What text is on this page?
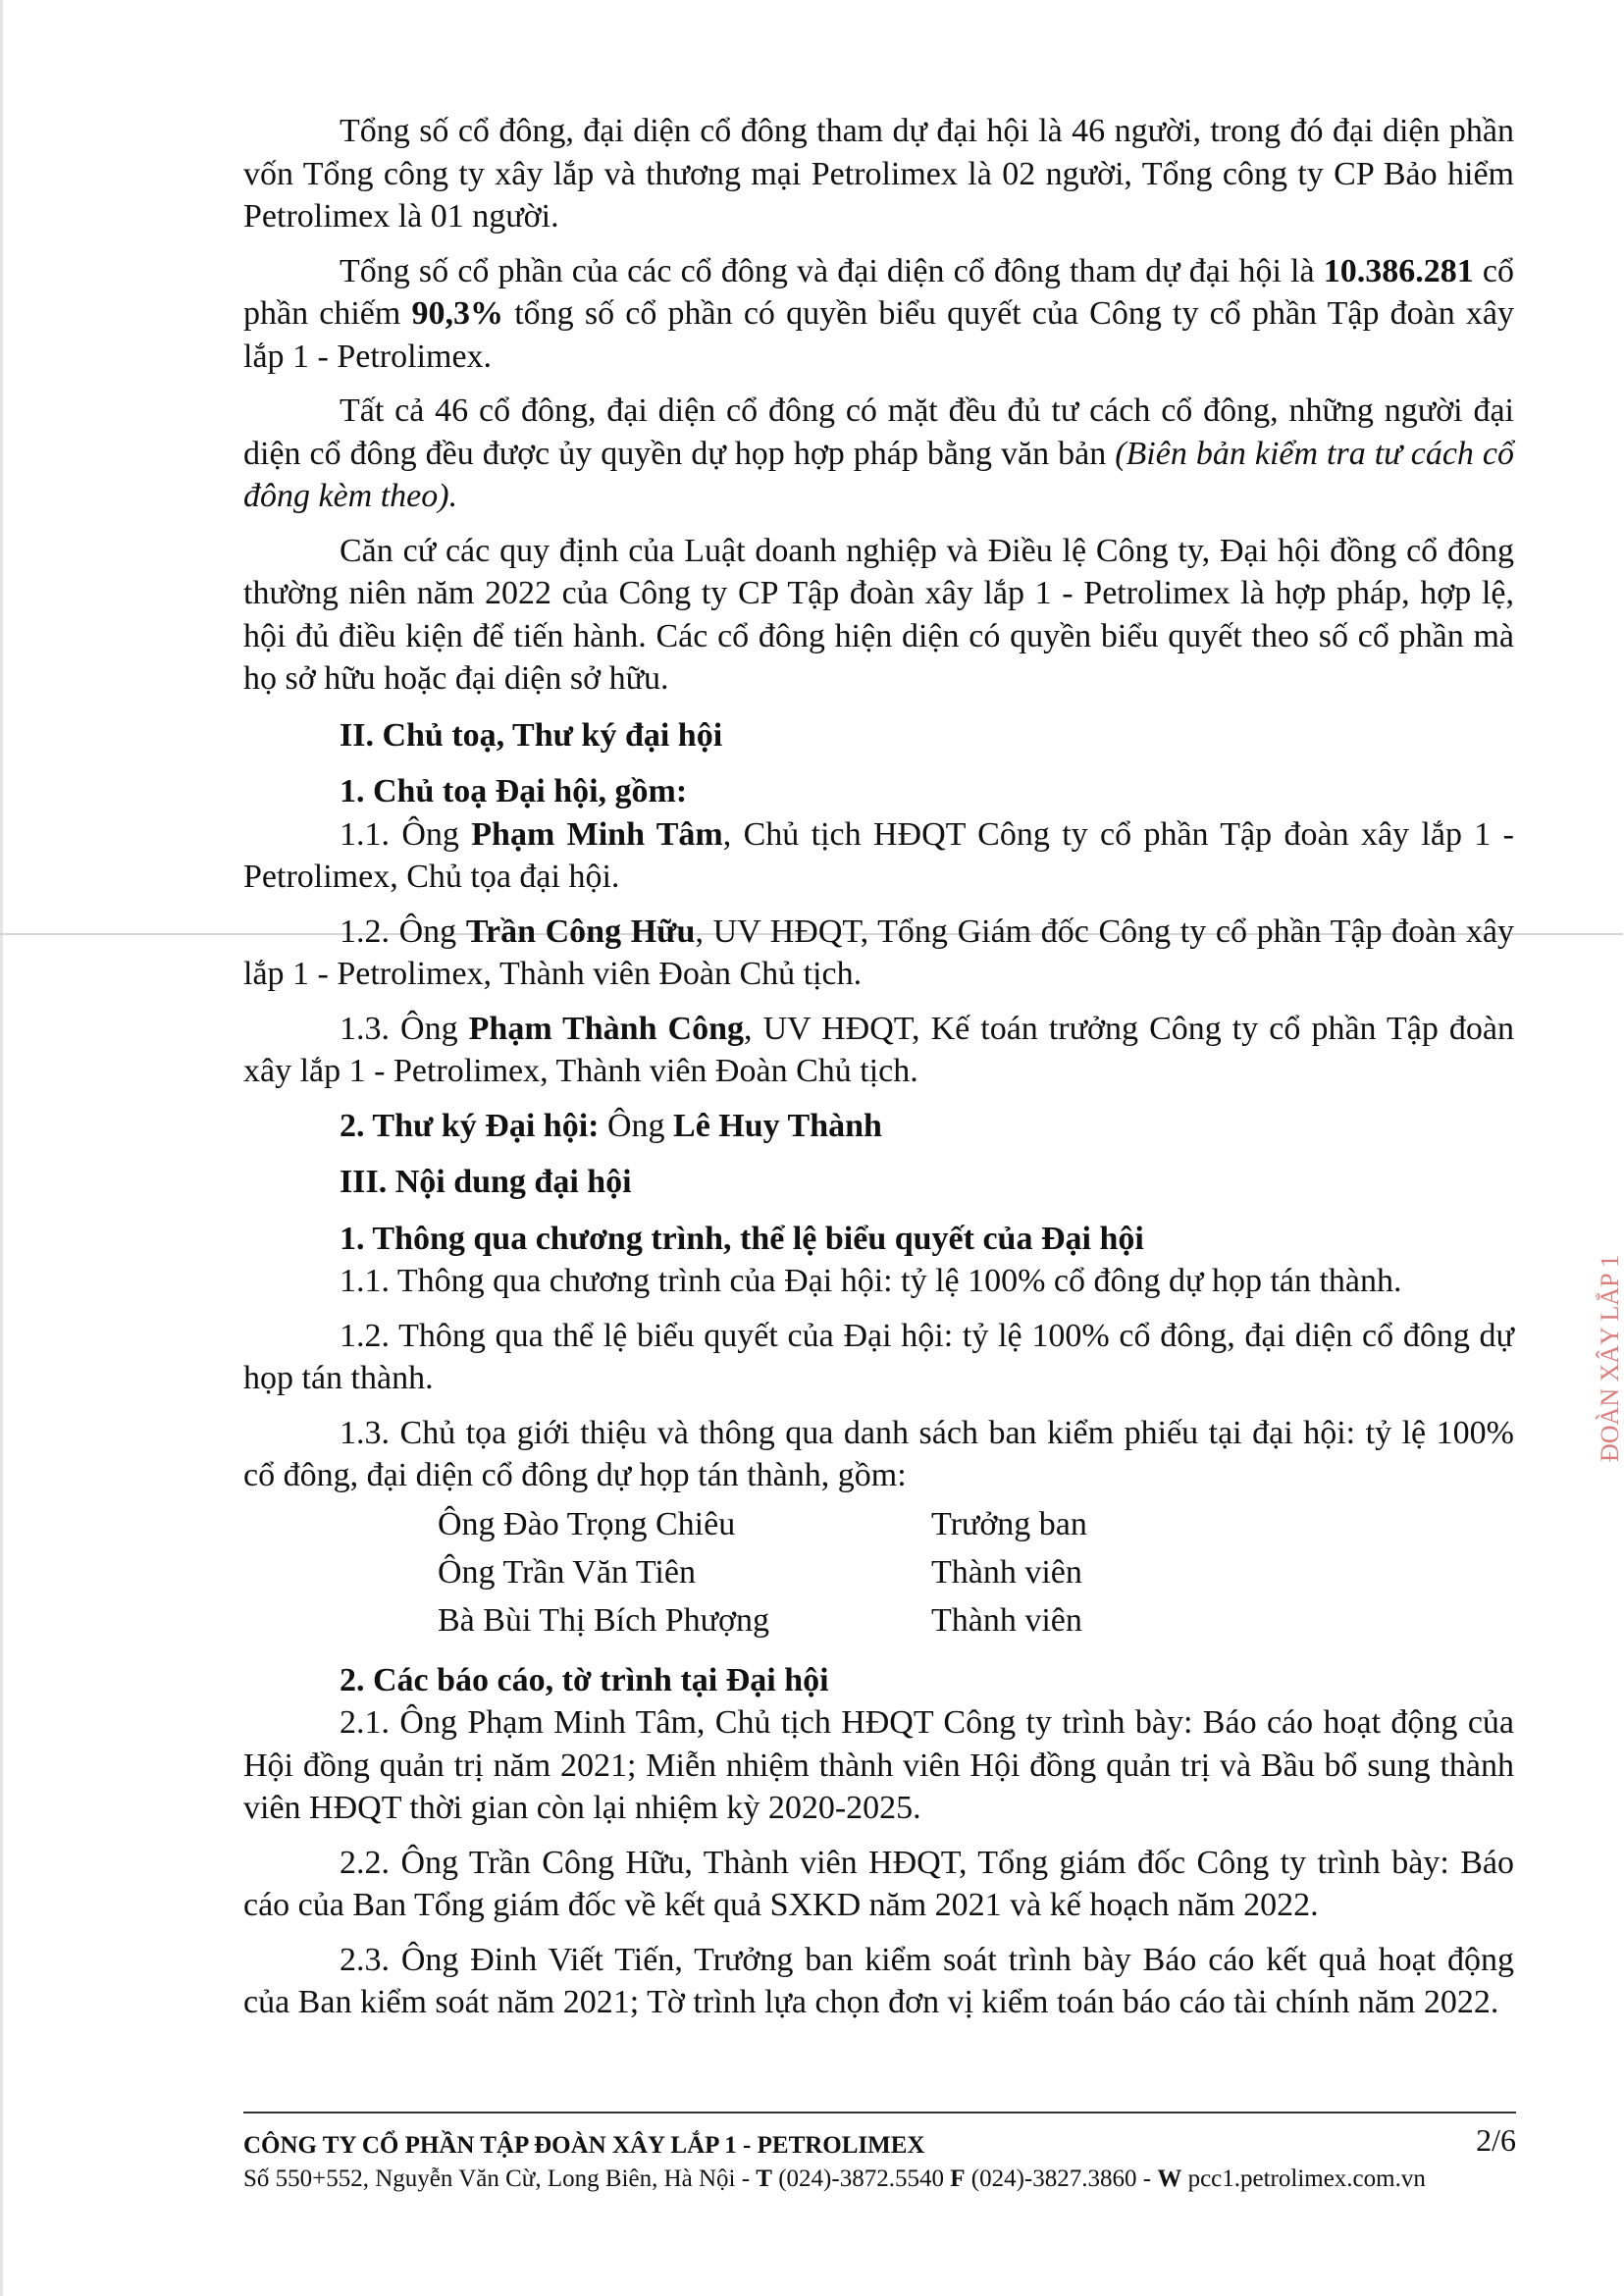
Tổng số cổ đông, đại diện cổ đông tham dự đại hội là 46 người, trong đó đại diện phần vốn Tổng công ty xây lắp và thương mại Petrolimex là 02 người, Tổng công ty CP Bảo hiểm Petrolimex là 01 người.

Tổng số cổ phần của các cổ đông và đại diện cổ đông tham dự đại hội là 10.386.281 cổ phần chiếm 90,3% tổng số cổ phần có quyền biểu quyết của Công ty cổ phần Tập đoàn xây lắp 1 - Petrolimex.

Tất cả 46 cổ đông, đại diện cổ đông có mặt đều đủ tư cách cổ đông, những người đại diện cổ đông đều được ủy quyền dự họp hợp pháp bằng văn bản (Biên bản kiểm tra tư cách cổ đông kèm theo).

Căn cứ các quy định của Luật doanh nghiệp và Điều lệ Công ty, Đại hội đồng cổ đông thường niên năm 2022 của Công ty CP Tập đoàn xây lắp 1 - Petrolimex là hợp pháp, hợp lệ, hội đủ điều kiện để tiến hành. Các cổ đông hiện diện có quyền biểu quyết theo số cổ phần mà họ sở hữu hoặc đại diện sở hữu.

II. Chủ toạ, Thư ký đại hội

1. Chủ toạ Đại hội, gồm:

1.1. Ông Phạm Minh Tâm, Chủ tịch HĐQT Công ty cổ phần Tập đoàn xây lắp 1 - Petrolimex, Chủ tọa đại hội.

1.2. Ông Trần Công Hữu, UV HĐQT, Tổng Giám đốc Công ty cổ phần Tập đoàn xây lắp 1 - Petrolimex, Thành viên Đoàn Chủ tịch.

1.3. Ông Phạm Thành Công, UV HĐQT, Kế toán trưởng Công ty cổ phần Tập đoàn xây lắp 1 - Petrolimex, Thành viên Đoàn Chủ tịch.

2. Thư ký Đại hội: Ông Lê Huy Thành

III. Nội dung đại hội

1. Thông qua chương trình, thể lệ biểu quyết của Đại hội

1.1. Thông qua chương trình của Đại hội: tỷ lệ 100% cổ đông dự họp tán thành.

1.2. Thông qua thể lệ biểu quyết của Đại hội: tỷ lệ 100% cổ đông, đại diện cổ đông dự họp tán thành.

1.3. Chủ tọa giới thiệu và thông qua danh sách ban kiểm phiếu tại đại hội: tỷ lệ 100% cổ đông, đại diện cổ đông dự họp tán thành, gồm:

Ông Đào Trọng Chiêu	Trưởng ban
Ông Trần Văn Tiên	Thành viên
Bà Bùi Thị Bích Phượng	Thành viên

2. Các báo cáo, tờ trình tại Đại hội

2.1. Ông Phạm Minh Tâm, Chủ tịch HĐQT Công ty trình bày: Báo cáo hoạt động của Hội đồng quản trị năm 2021; Miễn nhiệm thành viên Hội đồng quản trị và Bầu bổ sung thành viên HĐQT thời gian còn lại nhiệm kỳ 2020-2025.

2.2. Ông Trần Công Hữu, Thành viên HĐQT, Tổng giám đốc Công ty trình bày: Báo cáo của Ban Tổng giám đốc về kết quả SXKD năm 2021 và kế hoạch năm 2022.

2.3. Ông Đinh Viết Tiến, Trưởng ban kiểm soát trình bày Báo cáo kết quả hoạt động của Ban kiểm soát năm 2021; Tờ trình lựa chọn đơn vị kiểm toán báo cáo tài chính năm 2022.

CÔNG TY CỔ PHẦN TẬP ĐOÀN XÂY LẮP 1 - PETROLIMEX	2/6
Số 550+552, Nguyễn Văn Cừ, Long Biên, Hà Nội - T (024)-3872.5540 F (024)-3827.3860 - W pcc1.petrolimex.com.vn
ĐOÀN XÂY LẮP 1
